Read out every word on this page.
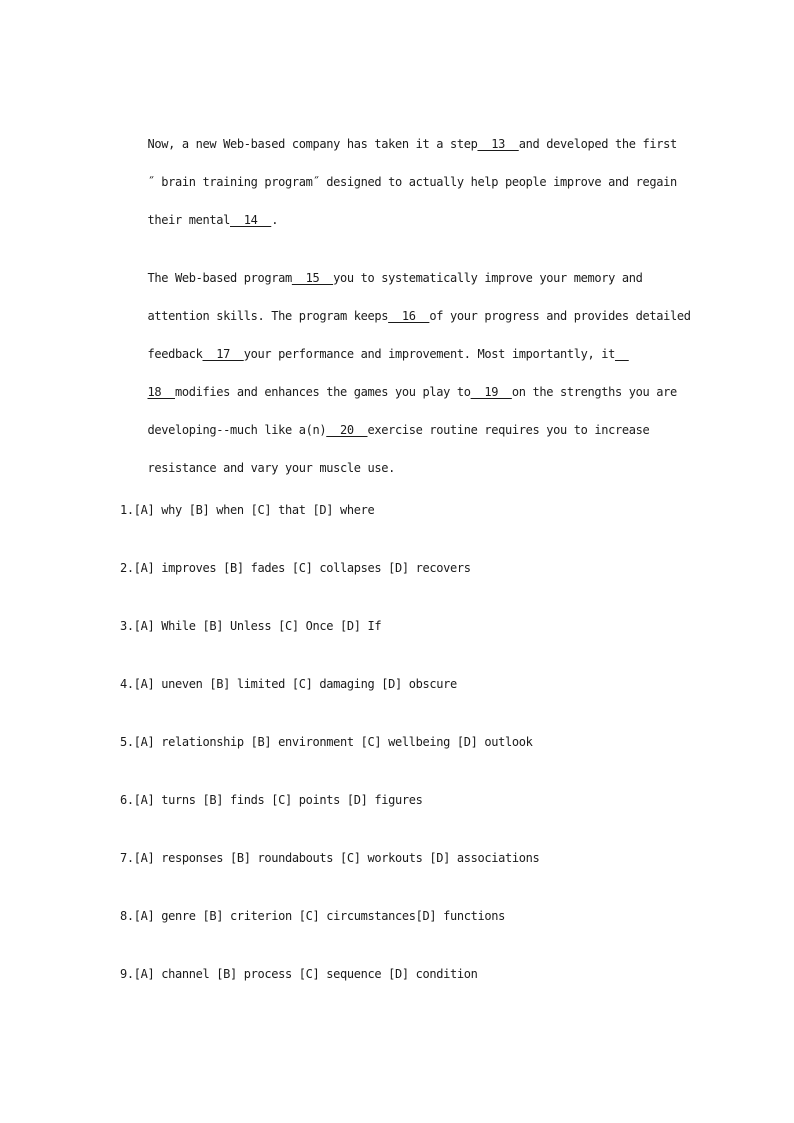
Now, a new Web-based company has taken it a step  13  and developed the first

˝ brain training program˝ designed to actually help people improve and regain

their mental  14  .

The Web-based program  15  you to systematically improve your memory and

attention skills. The program keeps  16  of your progress and provides detailed

feedback  17  your performance and improvement. Most importantly, it

18  modifies and enhances the games you play to  19  on the strengths you are

developing--much like a(n)  20  exercise routine requires you to increase

resistance and vary your muscle use.

1.[A] why [B] when [C] that [D] where
2.[A] improves [B] fades [C] collapses [D] recovers
3.[A] While [B] Unless [C] Once [D] If
4.[A] uneven [B] limited [C] damaging [D] obscure
5.[A] relationship [B] environment [C] wellbeing [D] outlook
6.[A] turns [B] finds [C] points [D] figures
7.[A] responses [B] roundabouts [C] workouts [D] associations
8.[A] genre [B] criterion [C] circumstances[D] functions
9.[A] channel [B] process [C] sequence [D] condition
